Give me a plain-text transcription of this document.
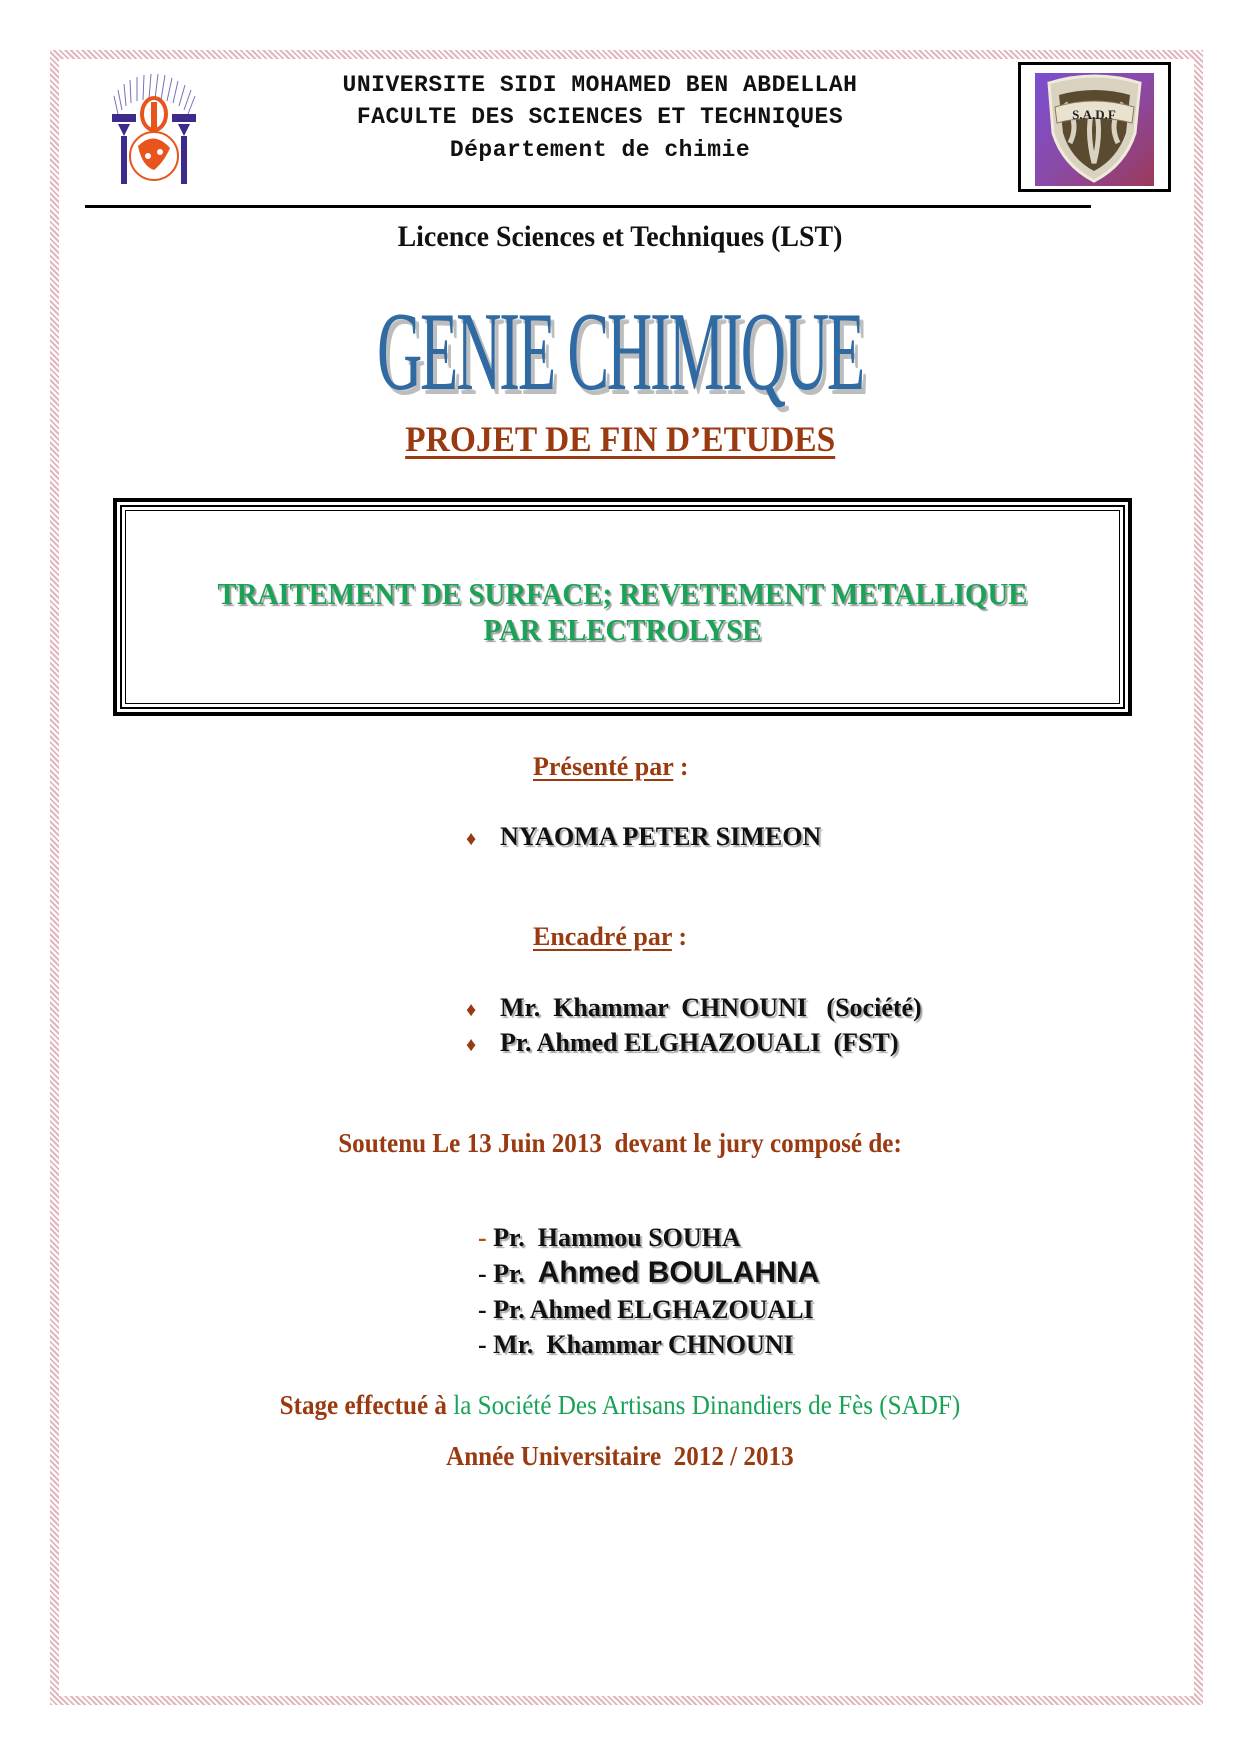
UNIVERSITE SIDI MOHAMED BEN ABDELLAH
FACULTE DES SCIENCES ET TECHNIQUES
Département de chimie
S.A.D.F
Licence Sciences et Techniques (LST)
GENIE CHIMIQUE
PROJET DE FIN D’ETUDES
TRAITEMENT DE SURFACE; REVETEMENT METALLIQUE
PAR ELECTROLYSE
Présenté par :
♦ NYAOMA PETER SIMEON
Encadré par :
♦ Mr.  Khammar  CHNOUNI   (Société)
♦ Pr. Ahmed ELGHAZOUALI  (FST)
Soutenu Le 13 Juin 2013  devant le jury composé de:

- Pr.  Hammou SOUHA

- Pr.  Ahmed BOULAHNA

- Pr. Ahmed ELGHAZOUALI

- Mr.  Khammar CHNOUNI

Stage effectué à la Société Des Artisans Dinandiers de Fès (SADF)
Année Universitaire  2012 / 2013
